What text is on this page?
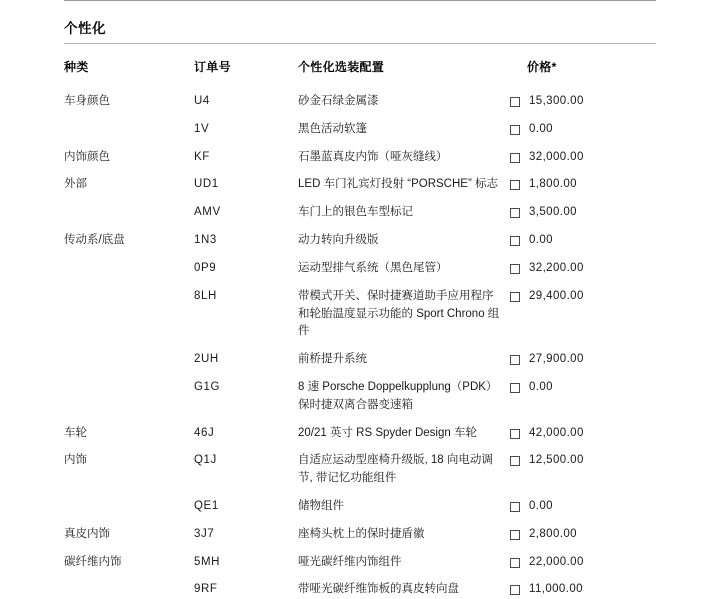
个性化
种类	订单号	个性化选装配置	价格*
车身颜色	U4	砂金石绿金属漆	15,300.00

	1V	黑色活动软篷	0.00

内饰颜色	KF	石墨蓝真皮内饰（哑灰缝线）	32,000.00

外部	UD1	LED 车门礼宾灯投射 “PORSCHE” 标志	1,800.00

	AMV	车门上的银色车型标记	3,500.00

传动系/底盘	1N3	动力转向升级版	0.00

	0P9	运动型排气系统（黑色尾管）	32,200.00

	8LH	带模式开关、保时捷赛道助手应用程序和轮胎温度显示功能的 Sport Chrono 组件	29,400.00

	2UH	前桥提升系统	27,900.00

	G1G	8 速 Porsche Doppelkupplung（PDK）保时捷双离合器变速箱	0.00

车轮	46J	20/21 英寸 RS Spyder Design 车轮	42,000.00

内饰	Q1J	自适应运动型座椅升级版, 18 向电动调节, 带记忆功能组件	12,500.00

	QE1	储物组件	0.00

真皮内饰	3J7	座椅头枕上的保时捷盾徽	2,800.00

碳纤维内饰	5MH	哑光碳纤维内饰组件	22,000.00

	9RF	带哑光碳纤维饰板的真皮转向盘	11,000.00
